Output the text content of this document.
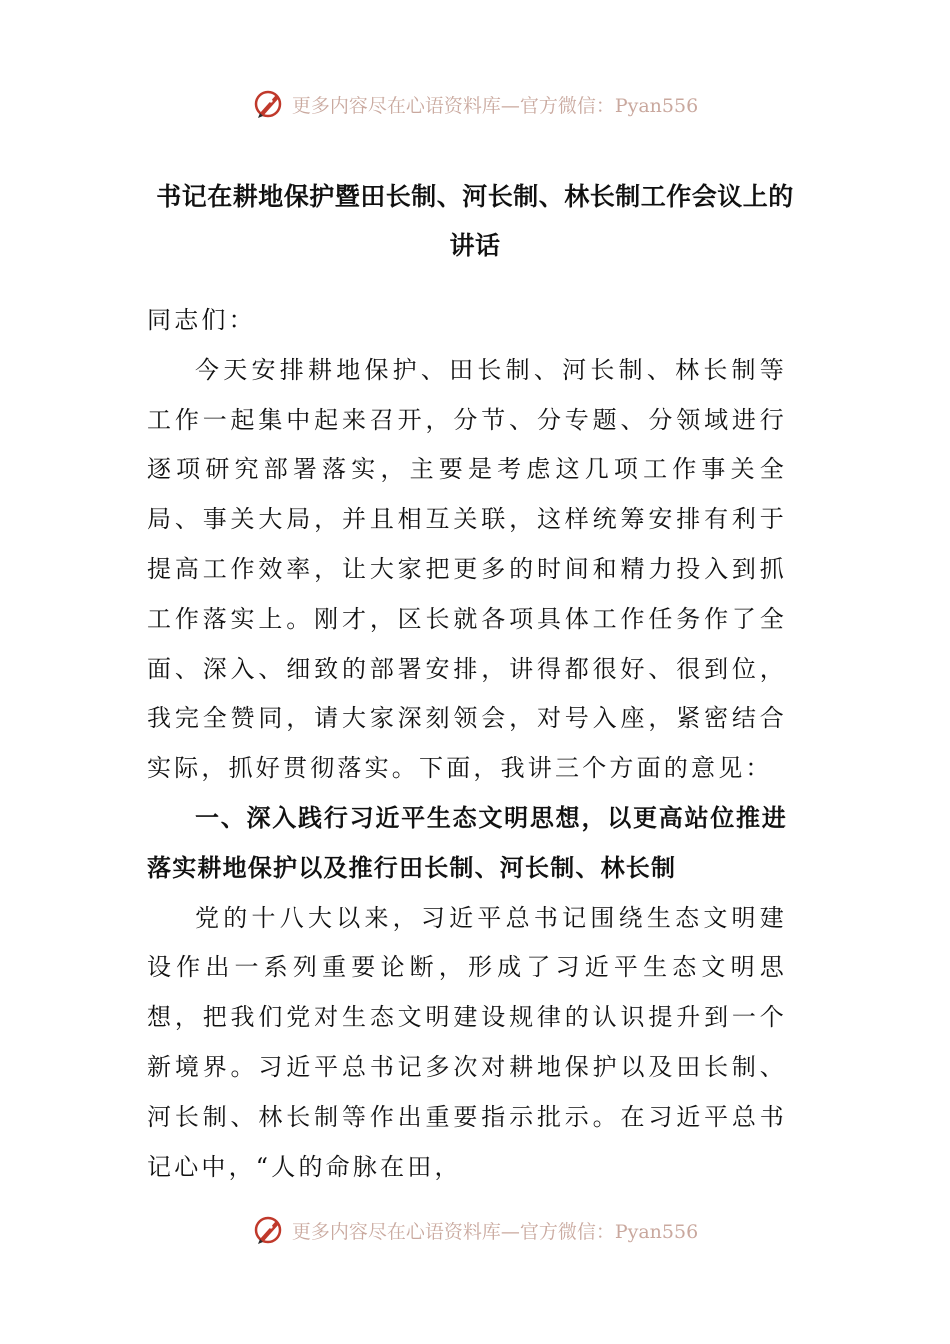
更多内容尽在心语资料库—官方微信：Pyan556
书记在耕地保护暨田长制、河长制、林长制工作会议上的讲话

同志们：

今天安排耕地保护、田长制、河长制、林长制等工作一起集中起来召开，分节、分专题、分领域进行逐项研究部署落实，主要是考虑这几项工作事关全局、事关大局，并且相互关联，这样统筹安排有利于提高工作效率，让大家把更多的时间和精力投入到抓工作落实上。刚才，区长就各项具体工作任务作了全面、深入、细致的部署安排，讲得都很好、很到位，我完全赞同，请大家深刻领会，对号入座，紧密结合实际，抓好贯彻落实。下面，我讲三个方面的意见：

一、深入践行习近平生态文明思想，以更高站位推进落实耕地保护以及推行田长制、河长制、林长制

党的十八大以来，习近平总书记围绕生态文明建设作出一系列重要论断，形成了习近平生态文明思想，把我们党对生态文明建设规律的认识提升到一个新境界。习近平总书记多次对耕地保护以及田长制、河长制、林长制等作出重要指示批示。在习近平总书记心中，“人的命脉在田，

更多内容尽在心语资料库—官方微信：Pyan556
